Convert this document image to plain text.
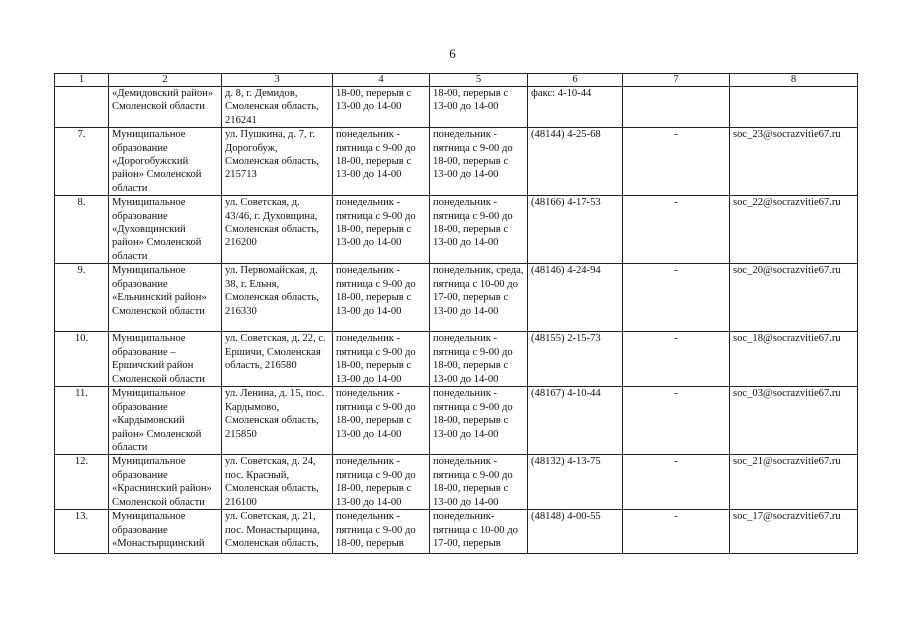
6
1	2	3	4	5	6	7	8
	«Демидовский район» Смоленской области	д. 8, г. Демидов, Смоленская область, 216241	18-00, перерыв с 13-00 до 14-00	18-00, перерыв с 13-00 до 14-00	факс: 4-10-44		
7.	Муниципальное образование «Дорогобужский район» Смоленской области	ул. Пушкина, д. 7, г. Дорогобуж, Смоленская область, 215713	понедельник - пятница с 9-00 до 18-00, перерыв с 13-00 до 14-00	понедельник - пятница с 9-00 до 18-00, перерыв с 13-00 до 14-00	(48144) 4-25-68	-	soc_23@socrazvitie67.ru
8.	Муниципальное образование «Духовщинский район» Смоленской области	ул. Советская, д. 43/46, г. Духовщина, Смоленская область, 216200	понедельник - пятница с 9-00 до 18-00, перерыв с 13-00 до 14-00	понедельник - пятница с 9-00 до 18-00, перерыв с 13-00 до 14-00	(48166) 4-17-53	-	soc_22@socrazvitie67.ru
9.	Муниципальное образование «Ельнинский район» Смоленской области	ул. Первомайская, д. 38, г. Ельня, Смоленская область, 216330	понедельник - пятница с 9-00 до 18-00, перерыв с 13-00 до 14-00	понедельник, среда, пятница с 10-00 до 17-00, перерыв с 13-00 до 14-00	(48146) 4-24-94	-	soc_20@socrazvitie67.ru
10.	Муниципальное образование – Ершичский район Смоленской области	ул. Советская, д. 22, с. Ершичи, Смоленская область, 216580	понедельник - пятница с 9-00 до 18-00, перерыв с 13-00 до 14-00	понедельник - пятница с 9-00 до 18-00, перерыв с 13-00 до 14-00	(48155) 2-15-73	-	soc_18@socrazvitie67.ru
11.	Муниципальное образование «Кардымовский район» Смоленской области	ул. Ленина, д. 15, пос. Кардымово, Смоленская область, 215850	понедельник - пятница с 9-00 до 18-00, перерыв с 13-00 до 14-00	понедельник - пятница с 9-00 до 18-00, перерыв с 13-00 до 14-00	(48167) 4-10-44	-	soc_03@socrazvitie67.ru
12.	Муниципальное образование «Краснинский район» Смоленской области	ул. Советская, д. 24, пос. Красный, Смоленская область, 216100	понедельник - пятница с 9-00 до 18-00, перерыв с 13-00 до 14-00	понедельник - пятница с 9-00 до 18-00, перерыв с 13-00 до 14-00	(48132) 4-13-75	-	soc_21@socrazvitie67.ru
13.	Муниципальное образование «Монастырщинский	ул. Советская, д. 21, пос. Монастырщина, Смоленская область,	понедельник - пятница с 9-00 до 18-00, перерыв	понедельник- пятница с 10-00 до 17-00, перерыв	(48148) 4-00-55	-	soc_17@socrazvitie67.ru
